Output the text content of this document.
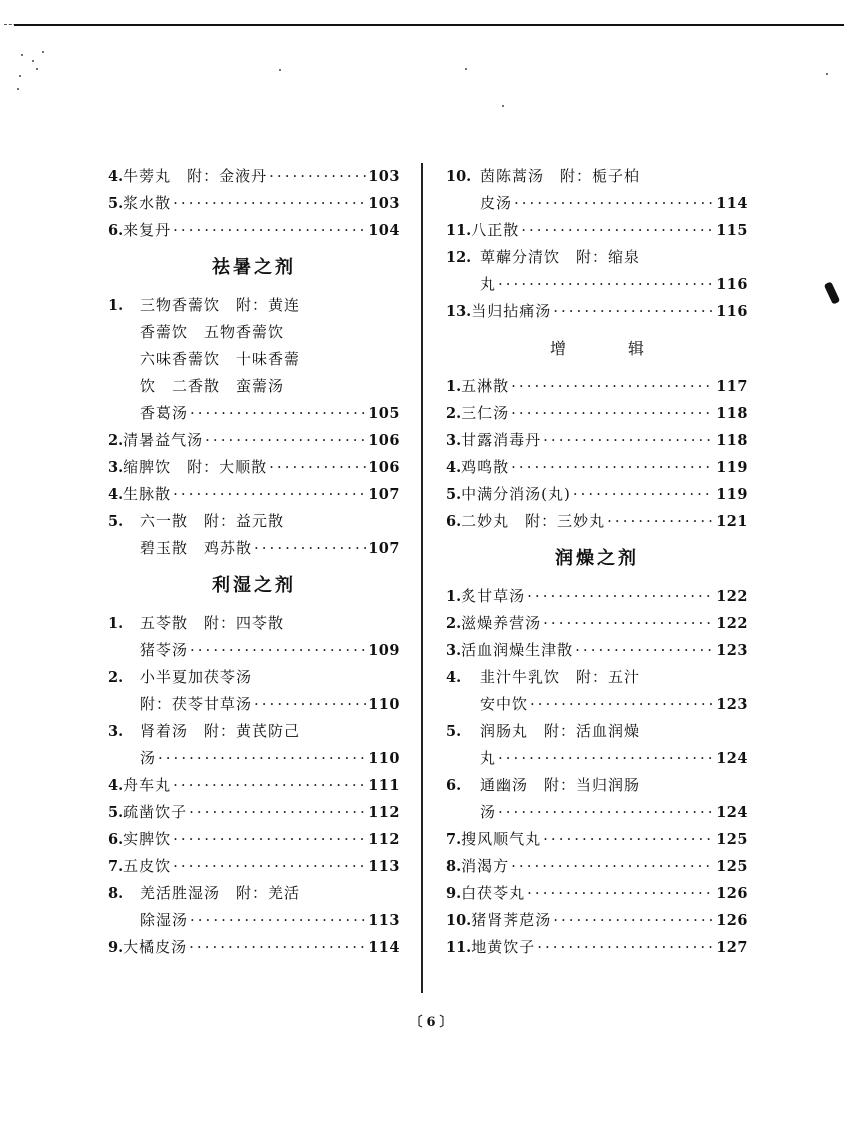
4. 牛蒡丸　附：金液丹 ·····	103
5. 浆水散 ·····	103
6. 来复丹 ·····	104
祛暑之剂
1.	三物香薷饮　附：黄连
香薷饮　五物香薷饮
六味香薷饮　十味香薷
饮　二香散　蛮薷汤
香葛汤 ·····	105
2. 清暑益气汤 ·····	106
3. 缩脾饮　附：大顺散 ·····	106
4. 生脉散 ·····	107
5.	六一散　附：益元散
碧玉散　鸡苏散 ·····	107
利湿之剂
1.	五苓散　附：四苓散
猪苓汤 ·····	109
2.	小半夏加茯苓汤
附：茯苓甘草汤 ·····	110
3.	肾着汤　附：黄芪防己
汤 ·····	110
4. 舟车丸 ·····	111
5. 疏凿饮子 ·····	112
6. 实脾饮 ·····	112
7. 五皮饮 ·····	113
8.	羌活胜湿汤　附：羌活
除湿汤 ·····	113
9. 大橘皮汤 ·····	114
10. 茵陈蒿汤　附：栀子柏
皮汤 ·····	114
11. 八正散 ·····	115
12. 萆薢分清饮　附：缩泉
丸 ·····	116
13. 当归拈痛汤 ·····	116
增辑
1. 五淋散 ·····	117
2. 三仁汤 ·····	118
3. 甘露消毒丹 ·····	118
4. 鸡鸣散 ·····	119
5. 中满分消汤(丸) ·····	119
6. 二妙丸　附：三妙丸 ·····	121
润燥之剂
1. 炙甘草汤 ·····	122
2. 滋燥养营汤 ·····	122
3. 活血润燥生津散 ·····	123
4.	韭汁牛乳饮　附：五汁
安中饮 ·····	123
5.	润肠丸　附：活血润燥
丸 ·····	124
6.	通幽汤　附：当归润肠
汤 ·····	124
7. 搜风顺气丸 ·····	125
8. 消渴方 ·····	125
9. 白茯苓丸 ·····	126
10. 猪肾荠苨汤 ·····	126
11. 地黄饮子 ·····	127
〔6〕
